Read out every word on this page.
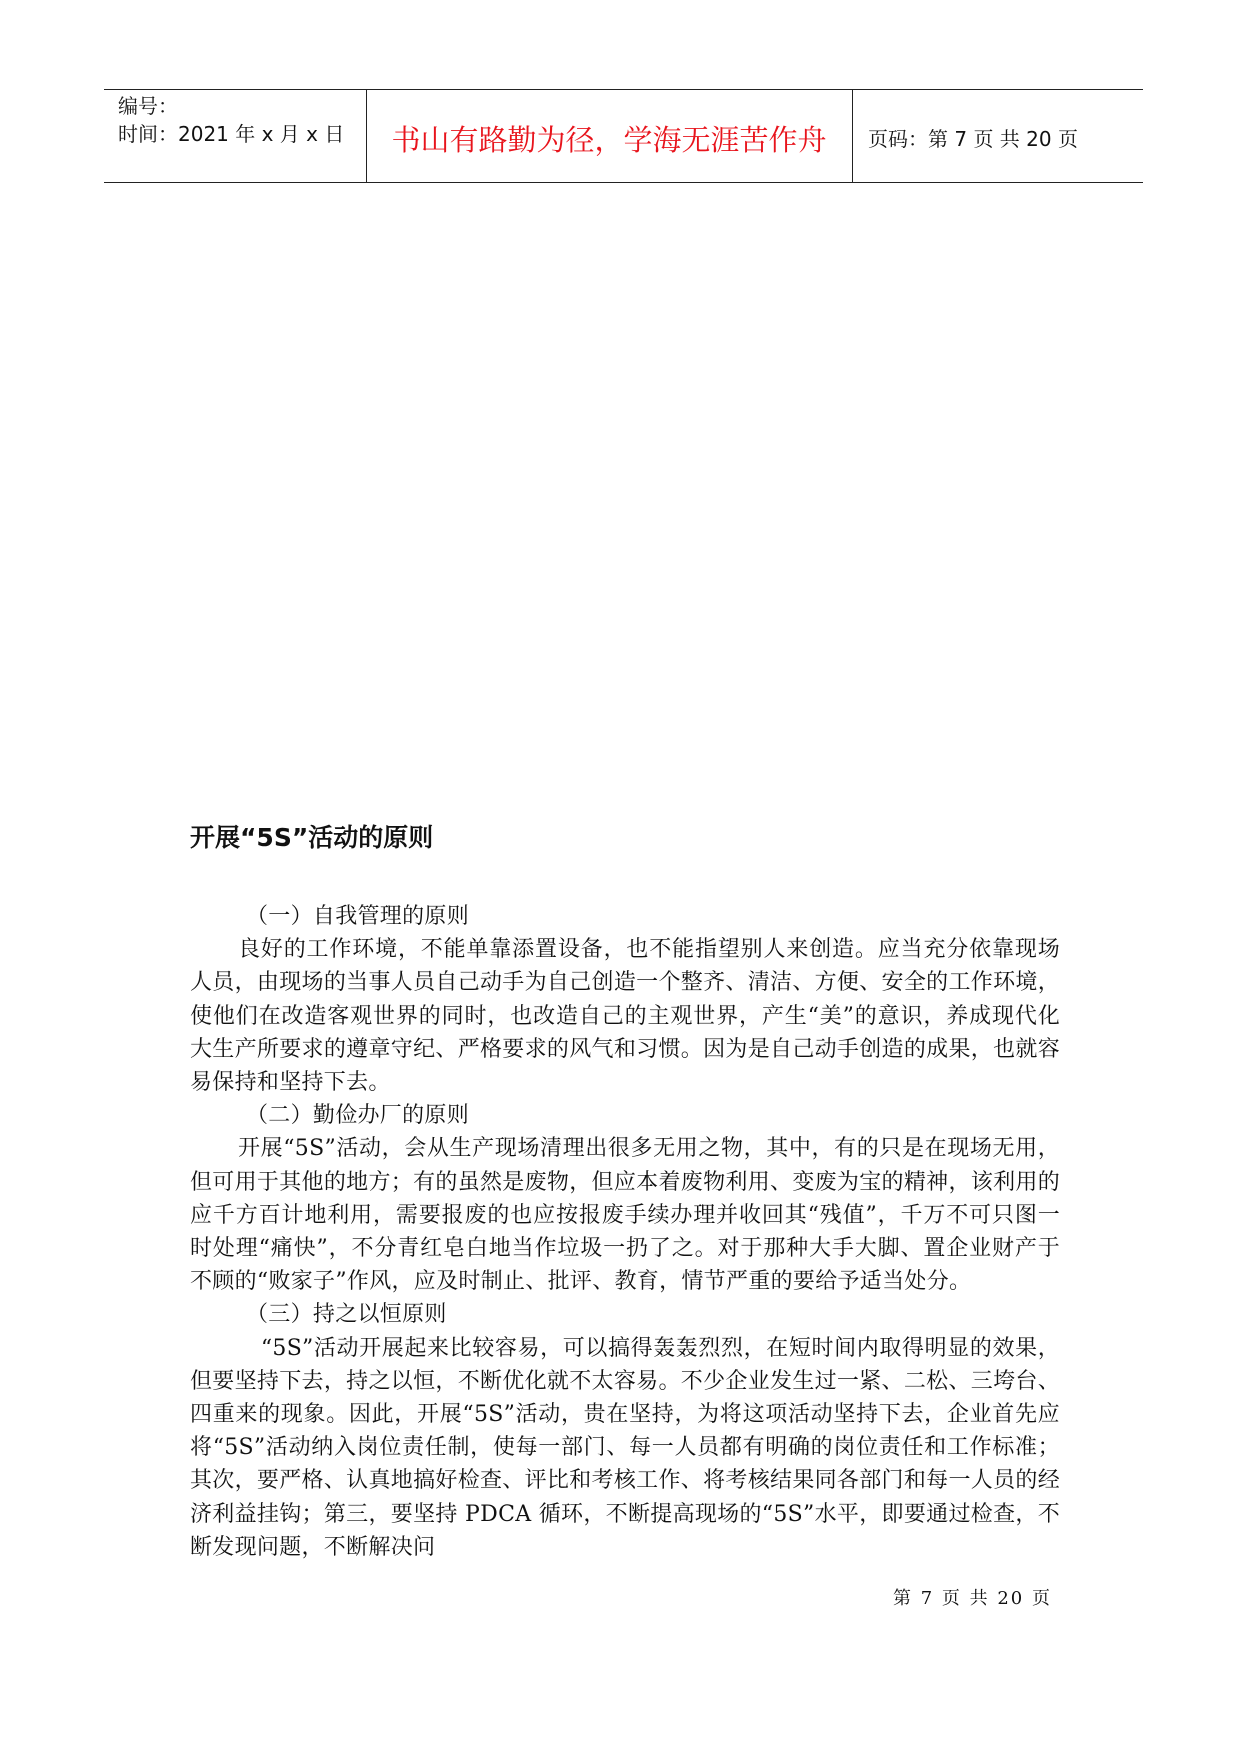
编号：
时间：2021 年 x 月 x 日	书山有路勤为径，学海无涯苦作舟	页码：第 7 页 共 20 页
开展“5S”活动的原则

（一）自我管理的原则

良好的工作环境，不能单靠添置设备，也不能指望别人来创造。应当充分依靠现场人员，由现场的当事人员自己动手为自己创造一个整齐、清洁、方便、安全的工作环境，使他们在改造客观世界的同时，也改造自己的主观世界，产生“美”的意识，养成现代化大生产所要求的遵章守纪、严格要求的风气和习惯。因为是自己动手创造的成果，也就容易保持和坚持下去。

（二）勤俭办厂的原则

开展“5S”活动，会从生产现场清理出很多无用之物，其中，有的只是在现场无用，但可用于其他的地方；有的虽然是废物，但应本着废物利用、变废为宝的精神，该利用的应千方百计地利用，需要报废的也应按报废手续办理并收回其“残值”，千万不可只图一时处理“痛快”，不分青红皂白地当作垃圾一扔了之。对于那种大手大脚、置企业财产于不顾的“败家子”作风，应及时制止、批评、教育，情节严重的要给予适当处分。

（三）持之以恒原则

“5S”活动开展起来比较容易，可以搞得轰轰烈烈，在短时间内取得明显的效果，但要坚持下去，持之以恒，不断优化就不太容易。不少企业发生过一紧、二松、三垮台、四重来的现象。因此，开展“5S”活动，贵在坚持，为将这项活动坚持下去，企业首先应将“5S”活动纳入岗位责任制，使每一部门、每一人员都有明确的岗位责任和工作标准；其次，要严格、认真地搞好检查、评比和考核工作、将考核结果同各部门和每一人员的经济利益挂钩；第三，要坚持 PDCA 循环，不断提高现场的“5S”水平，即要通过检查，不断发现问题，不断解决问

第 7 页 共 20 页
